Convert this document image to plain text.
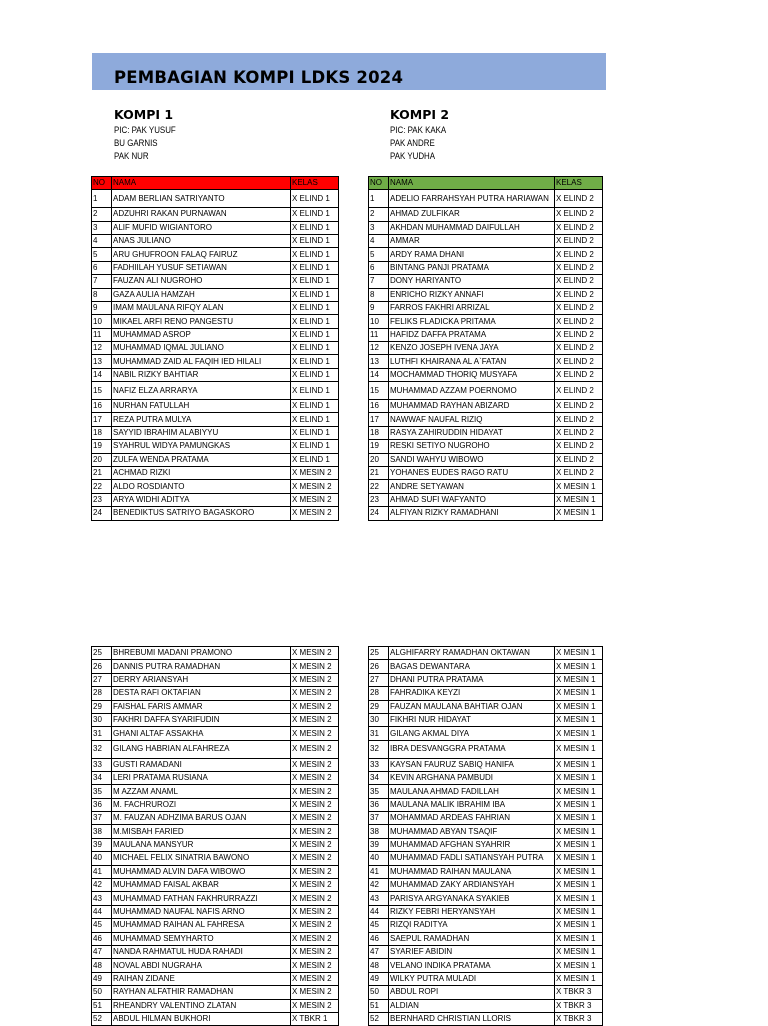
PEMBAGIAN KOMPI LDKS 2024
KOMPI 1
PIC: PAK YUSUF
BU GARNIS
PAK NUR
KOMPI 2
PIC: PAK KAKA
PAK ANDRE
PAK YUDHA
NO	NAMA	KELAS
1	ADAM BERLIAN SATRIYANTO	X ELIND 1
2	ADZUHRI RAKAN PURNAWAN	X ELIND 1
3	ALIF MUFID WIGIANTORO	X ELIND 1
4	ANAS JULIANO	X ELIND 1
5	ARU GHUFROON FALAQ FAIRUZ	X ELIND 1
6	FADHIILAH YUSUF SETIAWAN	X ELIND 1
7	FAUZAN ALI NUGROHO	X ELIND 1
8	GAZA AULIA HAMZAH	X ELIND 1
9	IMAM MAULANA RIFQY ALAN	X ELIND 1
10	MIKAEL ARFI RENO PANGESTU	X ELIND 1
11	MUHAMMAD ASROP	X ELIND 1
12	MUHAMMAD IQMAL JULIANO	X ELIND 1
13	MUHAMMAD ZAID AL FAQIH IED HILALI	X ELIND 1
14	NABIL RIZKY BAHTIAR	X ELIND 1
15	NAFIZ ELZA ARRARYA	X ELIND 1
16	NURHAN FATULLAH	X ELIND 1
17	REZA PUTRA MULYA	X ELIND 1
18	SAYYID IBRAHIM ALABIYYU	X ELIND 1
19	SYAHRUL WIDYA PAMUNGKAS	X ELIND 1
20	ZULFA WENDA PRATAMA	X ELIND 1
21	ACHMAD RIZKI	X MESIN 2
22	ALDO ROSDIANTO	X MESIN 2
23	ARYA WIDHI ADITYA	X MESIN 2
24	BENEDIKTUS SATRIYO BAGASKORO	X MESIN 2
NO	NAMA	KELAS
1	ADELIO FARRAHSYAH PUTRA HARIAWAN	X ELIND 2
2	AHMAD ZULFIKAR	X ELIND 2
3	AKHDAN MUHAMMAD DAIFULLAH	X ELIND 2
4	AMMAR	X ELIND 2
5	ARDY RAMA DHANI	X ELIND 2
6	BINTANG PANJI PRATAMA	X ELIND 2
7	DONY HARIYANTO	X ELIND 2
8	ENRICHO RIZKY ANNAFI	X ELIND 2
9	FARROS FAKHRI ARRIZAL	X ELIND 2
10	FELIKS FLADICKA PRITAMA	X ELIND 2
11	HAFIDZ DAFFA PRATAMA	X ELIND 2
12	KENZO JOSEPH IVENA JAYA	X ELIND 2
13	LUTHFI KHAIRANA AL A`FATAN	X ELIND 2
14	MOCHAMMAD THORIQ MUSYAFA	X ELIND 2
15	MUHAMMAD AZZAM POERNOMO	X ELIND 2
16	MUHAMMAD RAYHAN ABIZARD	X ELIND 2
17	NAWWAF NAUFAL RIZIQ	X ELIND 2
18	RASYA ZAHIRUDDIN HIDAYAT	X ELIND 2
19	RESKI SETIYO NUGROHO	X ELIND 2
20	SANDI WAHYU WIBOWO	X ELIND 2
21	YOHANES EUDES RAGO RATU	X ELIND 2
22	ANDRE SETYAWAN	X MESIN 1
23	AHMAD SUFI WAFYANTO	X MESIN 1
24	ALFIYAN RIZKY RAMADHANI	X MESIN 1
25	BHREBUMI MADANI PRAMONO	X MESIN 2
26	DANNIS PUTRA RAMADHAN	X MESIN 2
27	DERRY ARIANSYAH	X MESIN 2
28	DESTA RAFI OKTAFIAN	X MESIN 2
29	FAISHAL FARIS AMMAR	X MESIN 2
30	FAKHRI DAFFA SYARIFUDIN	X MESIN 2
31	GHANI ALTAF ASSAKHA	X MESIN 2
32	GILANG HABRIAN ALFAHREZA	X MESIN 2
33	GUSTI RAMADANI	X MESIN 2
34	LERI PRATAMA RUSIANA	X MESIN 2
35	M AZZAM ANAML	X MESIN 2
36	M. FACHRUROZI	X MESIN 2
37	M. FAUZAN ADHZIMA BARUS OJAN	X MESIN 2
38	M.MISBAH FARIED	X MESIN 2
39	MAULANA MANSYUR	X MESIN 2
40	MICHAEL FELIX SINATRIA BAWONO	X MESIN 2
41	MUHAMMAD ALVIN DAFA WIBOWO	X MESIN 2
42	MUHAMMAD FAISAL AKBAR	X MESIN 2
43	MUHAMMAD FATHAN FAKHRURRAZZI	X MESIN 2
44	MUHAMMAD NAUFAL NAFIS ARNO	X MESIN 2
45	MUHAMMAD RAIHAN AL FAHRESA	X MESIN 2
46	MUHAMMAD SEMYHARTO	X MESIN 2
47	NANDA RAHMATUL HUDA RAHADI	X MESIN 2
48	NOVAL ABDI NUGRAHA	X MESIN 2
49	RAIHAN ZIDANE	X MESIN 2
50	RAYHAN ALFATHIR RAMADHAN	X MESIN 2
51	RHEANDRY VALENTINO ZLATAN	X MESIN 2
52	ABDUL HILMAN BUKHORI	X TBKR 1
25	ALGHIFARRY RAMADHAN OKTAWAN	X MESIN 1
26	BAGAS DEWANTARA	X MESIN 1
27	DHANI PUTRA PRATAMA	X MESIN 1
28	FAHRADIKA KEYZI	X MESIN 1
29	FAUZAN MAULANA BAHTIAR OJAN	X MESIN 1
30	FIKHRI NUR HIDAYAT	X MESIN 1
31	GILANG AKMAL DIYA	X MESIN 1
32	IBRA DESVANGGRA PRATAMA	X MESIN 1
33	KAYSAN FAURUZ SABIQ HANIFA	X MESIN 1
34	KEVIN ARGHANA PAMBUDI	X MESIN 1
35	MAULANA AHMAD FADILLAH	X MESIN 1
36	MAULANA MALIK IBRAHIM IBA	X MESIN 1
37	MOHAMMAD ARDEAS FAHRIAN	X MESIN 1
38	MUHAMMAD ABYAN TSAQIF	X MESIN 1
39	MUHAMMAD AFGHAN SYAHRIR	X MESIN 1
40	MUHAMMAD FADLI SATIANSYAH PUTRA	X MESIN 1
41	MUHAMMAD RAIHAN MAULANA	X MESIN 1
42	MUHAMMAD ZAKY ARDIANSYAH	X MESIN 1
43	PARISYA ARGYANAKA SYAKIEB	X MESIN 1
44	RIZKY FEBRI HERYANSYAH	X MESIN 1
45	RIZQI RADITYA	X MESIN 1
46	SAEPUL RAMADHAN	X MESIN 1
47	SYARIEF ABIDIN	X MESIN 1
48	VELANO INDIKA PRATAMA	X MESIN 1
49	WILKY PUTRA MULADI	X MESIN 1
50	ABDUL ROPI	X TBKR 3
51	ALDIAN	X TBKR 3
52	BERNHARD CHRISTIAN LLORIS	X TBKR 3
